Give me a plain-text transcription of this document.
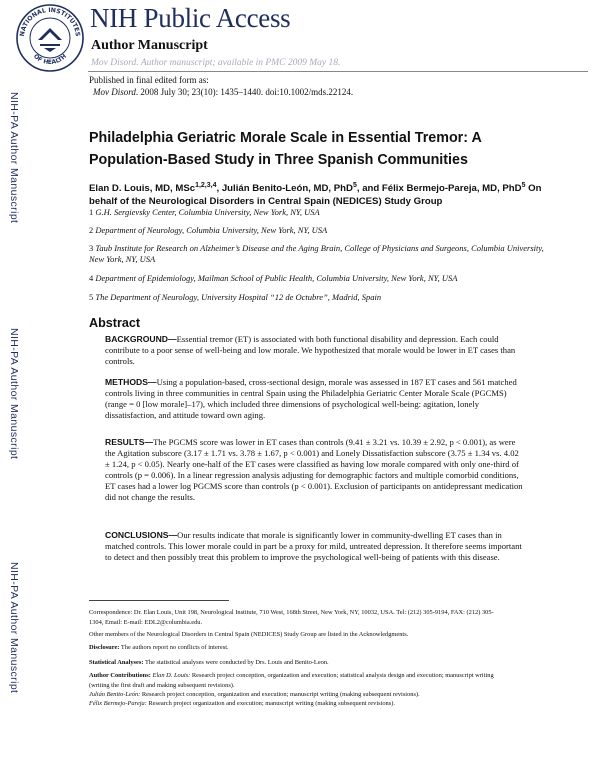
NATIONAL INSTITUTES
OF HEALTH
NIH Public Access
Author Manuscript
Mov Disord. Author manuscript; available in PMC 2009 May 18.
NIH-PA Author Manuscript
NIH-PA Author Manuscript
NIH-PA Author Manuscript
Published in final edited form as:
Mov Disord. 2008 July 30; 23(10): 1435–1440. doi:10.1002/mds.22124.
Philadelphia Geriatric Morale Scale in Essential Tremor: A Population-Based Study in Three Spanish Communities
Elan D. Louis, MD, MSc$^{1,2,3,4}$, Julián Benito-León, MD, PhD$^5$, and Félix Bermejo-Pareja, MD, PhD$^5$ On behalf of the Neurological Disorders in Central Spain (NEDICES) Study Group
1 G.H. Sergievsky Center, Columbia University, New York, NY, USA
2 Department of Neurology, Columbia University, New York, NY, USA
3 Taub Institute for Research on Alzheimer’s Disease and the Aging Brain, College of Physicians and Surgeons, Columbia University, New York, NY, USA
4 Department of Epidemiology, Mailman School of Public Health, Columbia University, New York, NY, USA
5 The Department of Neurology, University Hospital “12 de Octubre”, Madrid, Spain
Abstract
BACKGROUND—Essential tremor (ET) is associated with both functional disability and depression. Each could contribute to a poor sense of well-being and low morale. We hypothesized that morale would be lower in ET cases than controls.
METHODS—Using a population-based, cross-sectional design, morale was assessed in 187 ET cases and 561 matched controls living in three communities in central Spain using the Philadelphia Geriatric Center Morale Scale (PGCMS)(range = 0 [low morale]–17), which included three dimensions of psychological well-being: agitation, lonely dissatisfaction, and attitude toward own aging.
RESULTS—The PGCMS score was lower in ET cases than controls (9.41 ± 3.21 vs. 10.39 ± 2.92, p < 0.001), as were the Agitation subscore (3.17 ± 1.71 vs. 3.78 ± 1.67, p < 0.001) and Lonely Dissatisfaction subscore (3.75 ± 1.34 vs. 4.02 ± 1.24, p < 0.05). Nearly one-half of the ET cases were classified as having low morale compared with only one-third of controls (p = 0.006). In a linear regression analysis adjusting for demographic factors and multiple comorbid conditions, ET cases had a lower log PGCMS score than controls (p < 0.001). Exclusion of participants on antidepressant medication did not change the results.
CONCLUSIONS—Our results indicate that morale is significantly lower in community-dwelling ET cases than in matched controls. This lower morale could in part be a proxy for mild, untreated depression. It therefore seems important to detect and then possibly treat this problem to improve the psychological well-being of patients with this disease.
Correspondence: Dr. Elan Louis, Unit 198, Neurological Institute, 710 West, 168th Street, New York, NY, 10032, USA. Tel: (212) 305-9194, FAX: (212) 305-1304, Email: E-mail: EDL2@columbia.edu.
Other members of the Neurological Disorders in Central Spain (NEDICES) Study Group are listed in the Acknowledgments.
Disclosure: The authors report no conflicts of interest.
Statistical Analyses: The statistical analyses were conducted by Drs. Louis and Benito-Leon.
Author Contributions: Elan D. Louis: Research project conception, organization and execution; statistical analysis design and execution; manuscript writing (writing the first draft and making subsequent revisions).
Julián Benito-León: Research project conception, organization and execution; manuscript writing (making subsequent revisions).
Félix Bermejo-Pareja: Research project organization and execution; manuscript writing (making subsequent revisions).
